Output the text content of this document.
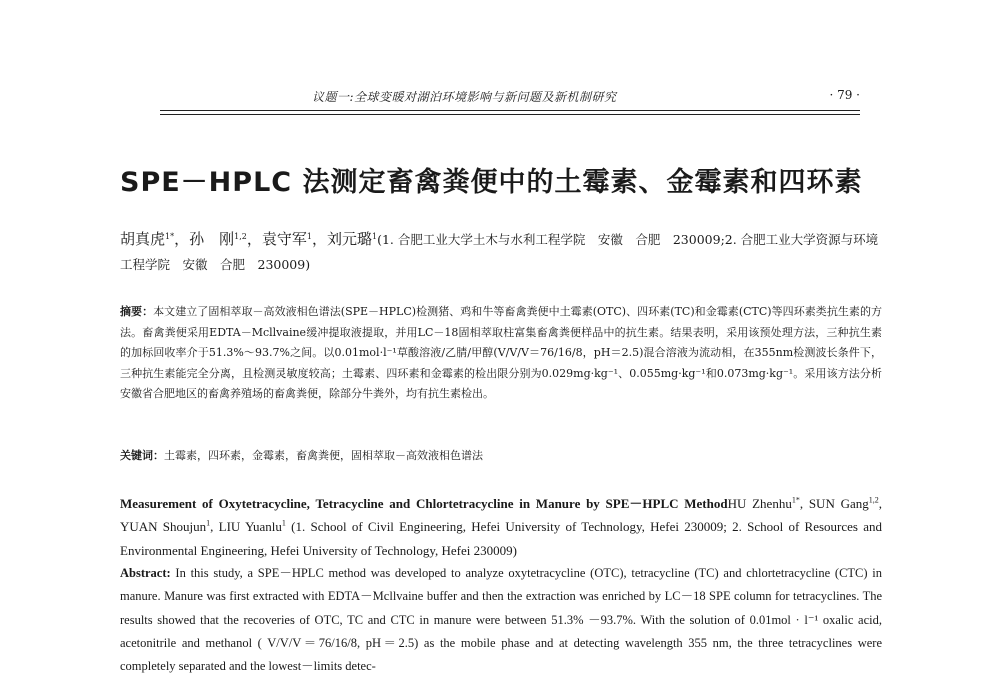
议题一:全球变暖对湖泊环境影响与新问题及新机制研究	· 79 ·
SPE－HPLC 法测定畜禽粪便中的土霉素、金霉素和四环素
胡真虎$^{1*}$，孙　刚$^{1,2}$，袁守军$^1$，刘元璐$^1$(1. 合肥工业大学土木与水利工程学院　安徽　合肥　230009;2. 合肥工业大学资源与环境工程学院　安徽　合肥　230009)
摘要：本文建立了固相萃取－高效液相色谱法(SPE－HPLC)检测猪、鸡和牛等畜禽粪便中土霉素(OTC)、四环素(TC)和金霉素(CTC)等四环素类抗生素的方法。畜禽粪便采用EDTA－Mcllvaine缓冲提取液提取，并用LC－18固相萃取柱富集畜禽粪便样品中的抗生素。结果表明，采用该预处理方法，三种抗生素的加标回收率介于51.3%～93.7%之间。以0.01mol·l⁻¹草酸溶液/乙腈/甲醇(V/V/V＝76/16/8，pH＝2.5)混合溶液为流动相，在355nm检测波长条件下，三种抗生素能完全分离，且检测灵敏度较高；土霉素、四环素和金霉素的检出限分别为0.029mg·kg⁻¹、0.055mg·kg⁻¹和0.073mg·kg⁻¹。采用该方法分析安徽省合肥地区的畜禽养殖场的畜禽粪便，除部分牛粪外，均有抗生素检出。
关键词：土霉素，四环素，金霉素，畜禽粪便，固相萃取－高效液相色谱法
Measurement of Oxytetracycline, Tetracycline and Chlortetracycline in Manure by SPE－HPLC MethodHU Zhenhu$^{1*}$, SUN Gang$^{1,2}$, YUAN Shoujun$^1$, LIU Yuanlu$^1$ (1. School of Civil Engineering, Hefei University of Technology, Hefei 230009; 2. School of Resources and Environmental Engineering, Hefei University of Technology, Hefei 230009)
Abstract: In this study, a SPE－HPLC method was developed to analyze oxytetracycline (OTC), tetracycline (TC) and chlortetracycline (CTC) in manure. Manure was first extracted with EDTA－Mcllvaine buffer and then the extraction was enriched by LC－18 SPE column for tetracyclines. The results showed that the recoveries of OTC, TC and CTC in manure were between 51.3% －93.7%. With the solution of 0.01mol · l⁻¹ oxalic acid, acetonitrile and methanol ( V/V/V＝76/16/8, pH＝2.5) as the mobile phase and at detecting wavelength 355 nm, the three tetracyclines were completely separated and the lowest－limits detec-
